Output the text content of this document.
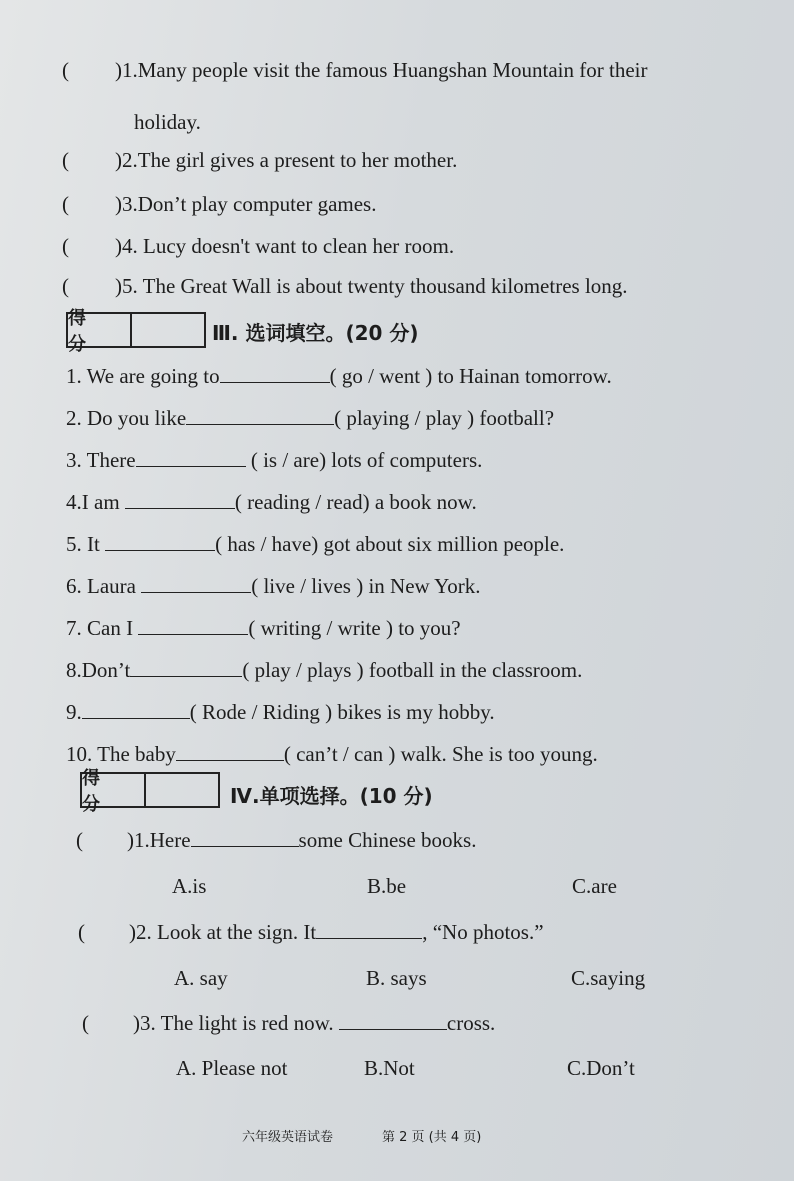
( )1.Many people visit the famous Huangshan Mountain for their
holiday.
( )2.The girl gives a present to her mother.
( )3.Don’t play computer games.
( )4. Lucy doesn't want to clean her room.
( )5. The Great Wall is about twenty thousand kilometres long.
得 分	Ⅲ. 选词填空。(20 分)
1. We are going to	( go / went ) to Hainan tomorrow.
2. Do you like	( playing / play ) football?
3. There	( is / are) lots of computers.
4.I am	( reading / read) a book now.
5. It	( has / have) got about six million people.
6. Laura	( live / lives ) in New York.
7. Can I	( writing / write ) to you?
8.Don’t	( play / plays ) football in the classroom.
9.	( Rode / Riding ) bikes is my hobby.
10. The baby	( can’t / can ) walk. She is too young.
得 分	Ⅳ.单项选择。(10 分)
( )1.Here	some Chinese books.
A.is	B.be	C.are
( )2. Look at the sign. It	, “No photos.”
A. say	B. says	C.saying
( )3. The light is red now.	cross.
A. Please not	B.Not	C.Don’t
六年级英语试卷	第 2 页 (共 4 页)
